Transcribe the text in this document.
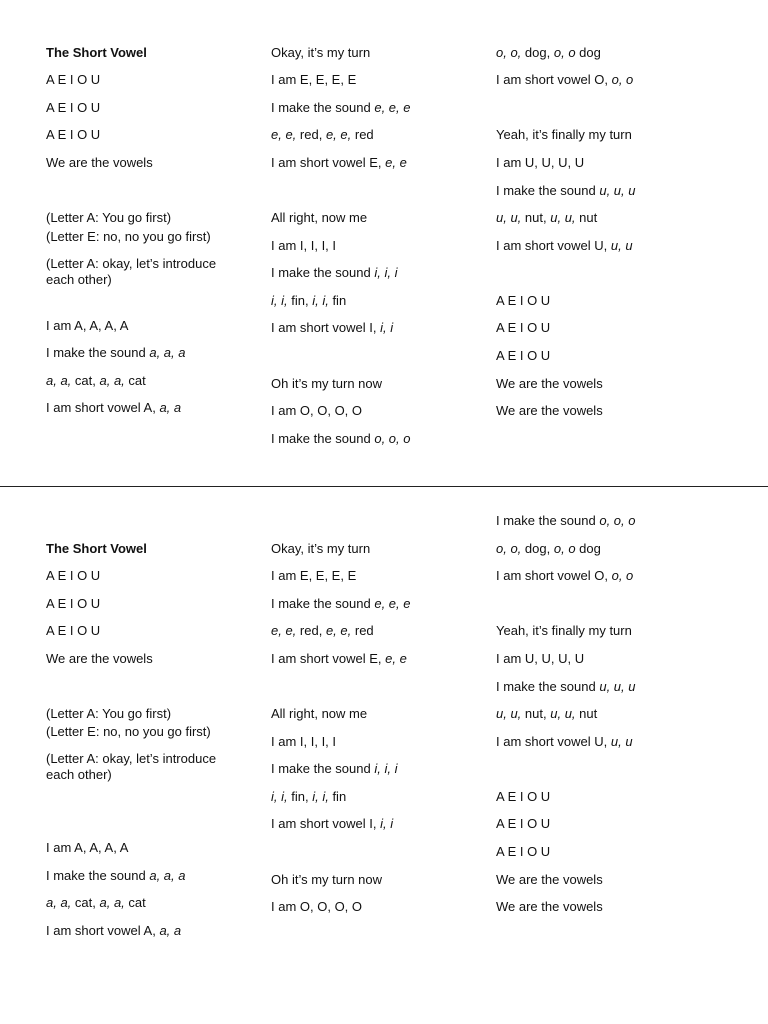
The Short Vowel
A E I O U
A E I O U
A E I O U
We are the vowels
(Letter A: You go first)
(Letter E: no, no you go first)
(Letter A: okay, let’s introduce each other)
I am A, A, A, A
I make the sound a, a, a
a, a, cat, a, a, cat
I am short vowel A, a, a
Okay, it’s my turn
I am E, E, E, E
I make the sound e, e, e
e, e, red, e, e, red
I am short vowel E, e, e
All right, now me
I am I, I, I, I
I make the sound i, i, i
i, i, fin, i, i, fin
I am short vowel I, i, i
Oh it’s my turn now
I am O, O, O, O
I make the sound o, o, o
o, o, dog, o, o dog
I am short vowel O, o, o
Yeah, it’s finally my turn
I am U, U, U, U
I make the sound u, u, u
u, u, nut, u, u, nut
I am short vowel U, u, u
A E I O U
A E I O U
A E I O U
We are the vowels
We are the vowels
The Short Vowel
A E I O U
A E I O U
A E I O U
We are the vowels
(Letter A: You go first)
(Letter E: no, no you go first)
(Letter A: okay, let’s introduce each other)
I am A, A, A, A
I make the sound a, a, a
a, a, cat, a, a, cat
I am short vowel A, a, a
Okay, it’s my turn
I am E, E, E, E
I make the sound e, e, e
e, e, red, e, e, red
I am short vowel E, e, e
All right, now me
I am I, I, I, I
I make the sound i, i, i
i, i, fin, i, i, fin
I am short vowel I, i, i
Oh it’s my turn now
I am O, O, O, O
I make the sound o, o, o
o, o, dog, o, o dog
I am short vowel O, o, o
Yeah, it’s finally my turn
I am U, U, U, U
I make the sound u, u, u
u, u, nut, u, u, nut
I am short vowel U, u, u
A E I O U
A E I O U
A E I O U
We are the vowels
We are the vowels
